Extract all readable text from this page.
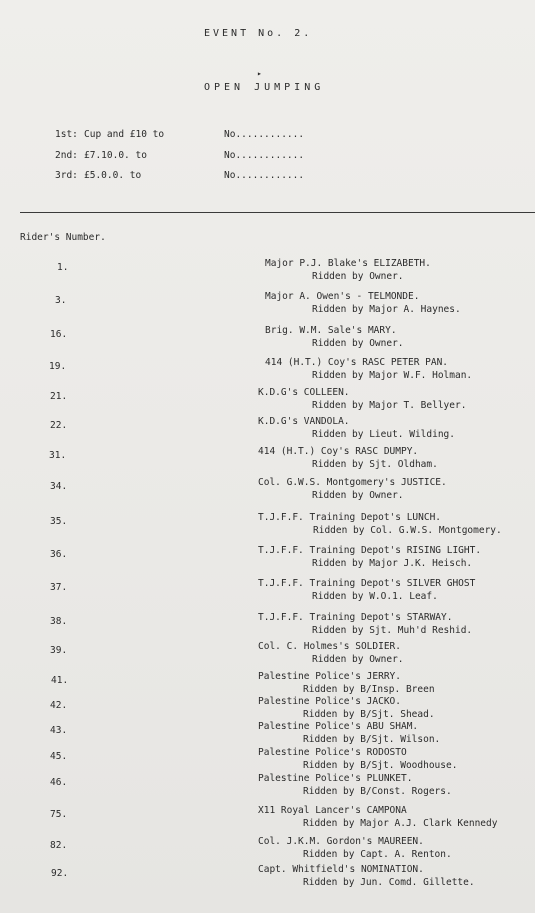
EVENT No. 2.
▸
OPEN JUMPING
1st: Cup and £10 to	No............
2nd: £7.10.0. to	No............
3rd: £5.0.0. to	No............
Rider's Number.
1.	Major P.J. Blake's ELIZABETH.
Ridden by Owner.
3.	Major A. Owen's - TELMONDE.
Ridden by Major A. Haynes.
16.	Brig. W.M. Sale's MARY.
Ridden by Owner.
19.	414 (H.T.) Coy's RASC PETER PAN.
Ridden by Major W.F. Holman.
21.	K.D.G's COLLEEN.
Ridden by Major T. Bellyer.
22.	K.D.G's VANDOLA.
Ridden by Lieut. Wilding.
31.	414 (H.T.) Coy's RASC DUMPY.
Ridden by Sjt. Oldham.
34.	Col. G.W.S. Montgomery's JUSTICE.
Ridden by Owner.
35.	T.J.F.F. Training Depot's LUNCH.
Ridden by Col. G.W.S. Montgomery.
36.	T.J.F.F. Training Depot's RISING LIGHT.
Ridden by Major J.K. Heisch.
37.	T.J.F.F. Training Depot's SILVER GHOST
Ridden by W.O.1. Leaf.
38.	T.J.F.F. Training Depot's STARWAY.
Ridden by Sjt. Muh'd Reshid.
39.	Col. C. Holmes's SOLDIER.
Ridden by Owner.
41.	Palestine Police's JERRY.
Ridden by B/Insp. Breen
42.	Palestine Police's JACKO.
Ridden by B/Sjt. Shead.
43.	Palestine Police's ABU SHAM.
Ridden by B/Sjt. Wilson.
45.	Palestine Police's RODOSTO
Ridden by B/Sjt. Woodhouse.
46.	Palestine Police's PLUNKET.
Ridden by B/Const. Rogers.
75.	X11 Royal Lancer's CAMPONA
Ridden by Major A.J. Clark Kennedy
82.	Col. J.K.M. Gordon's MAUREEN.
Ridden by Capt. A. Renton.
92.	Capt. Whitfield's NOMINATION.
Ridden by Jun. Comd. Gillette.
